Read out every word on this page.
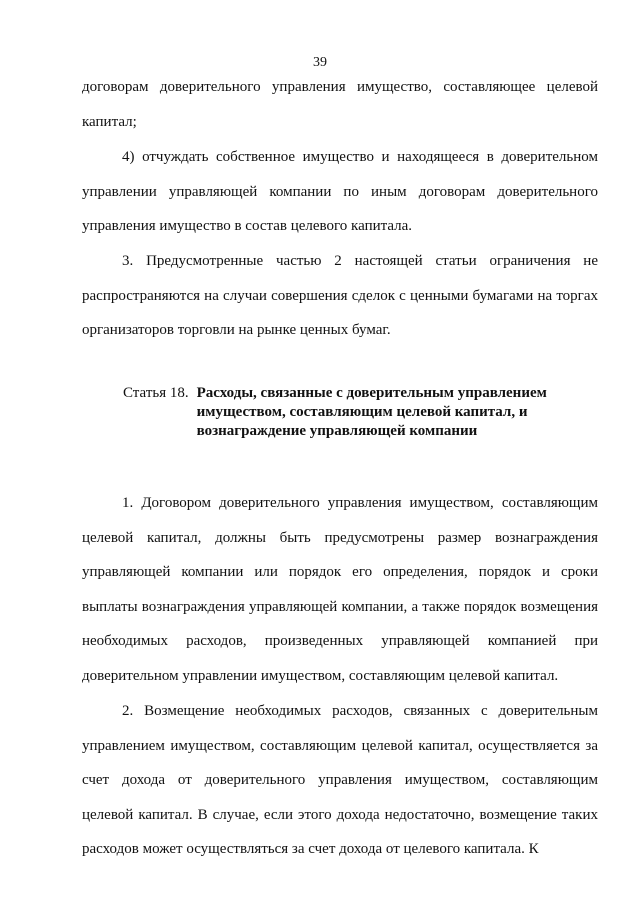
39

договорам доверительного управления имущество, составляющее целевой капитал;

4) отчуждать собственное имущество и находящееся в доверительном управлении управляющей компании по иным договорам доверительного управления имущество в состав целевого капитала.

3. Предусмотренные частью 2 настоящей статьи ограничения не распространяются на случаи совершения сделок с ценными бумагами на торгах организаторов торговли на рынке ценных бумаг.

Статья 18. Расходы, связанные с доверительным управлением
имуществом, составляющим целевой капитал, и
вознаграждение управляющей компании

1. Договором доверительного управления имуществом, составляющим целевой капитал, должны быть предусмотрены размер вознаграждения управляющей компании или порядок его определения, порядок и сроки выплаты вознаграждения управляющей компании, а также порядок возмещения необходимых расходов, произведенных управляющей компанией при доверительном управлении имуществом, составляющим целевой капитал.

2. Возмещение необходимых расходов, связанных с доверительным управлением имуществом, составляющим целевой капитал, осуществляется за счет дохода от доверительного управления имуществом, составляющим целевой капитал. В случае, если этого дохода недостаточно, возмещение таких расходов может осуществляться за счет дохода от целевого капитала. К
